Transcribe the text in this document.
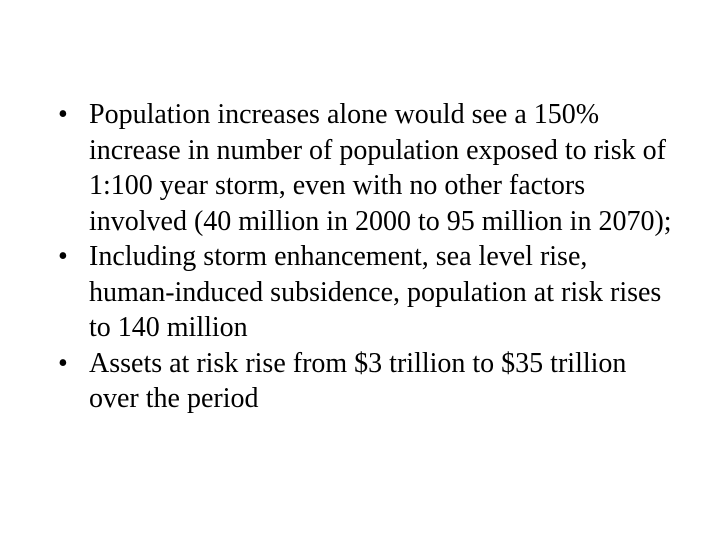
• Population increases alone would see a 150% increase in number of population exposed to risk of 1:100 year storm, even with no other factors involved (40 million in 2000 to 95 million in 2070);
• Including storm enhancement, sea level rise, human-induced subsidence, population at risk rises to 140 million
• Assets at risk rise from $3 trillion to $35 trillion over the period
